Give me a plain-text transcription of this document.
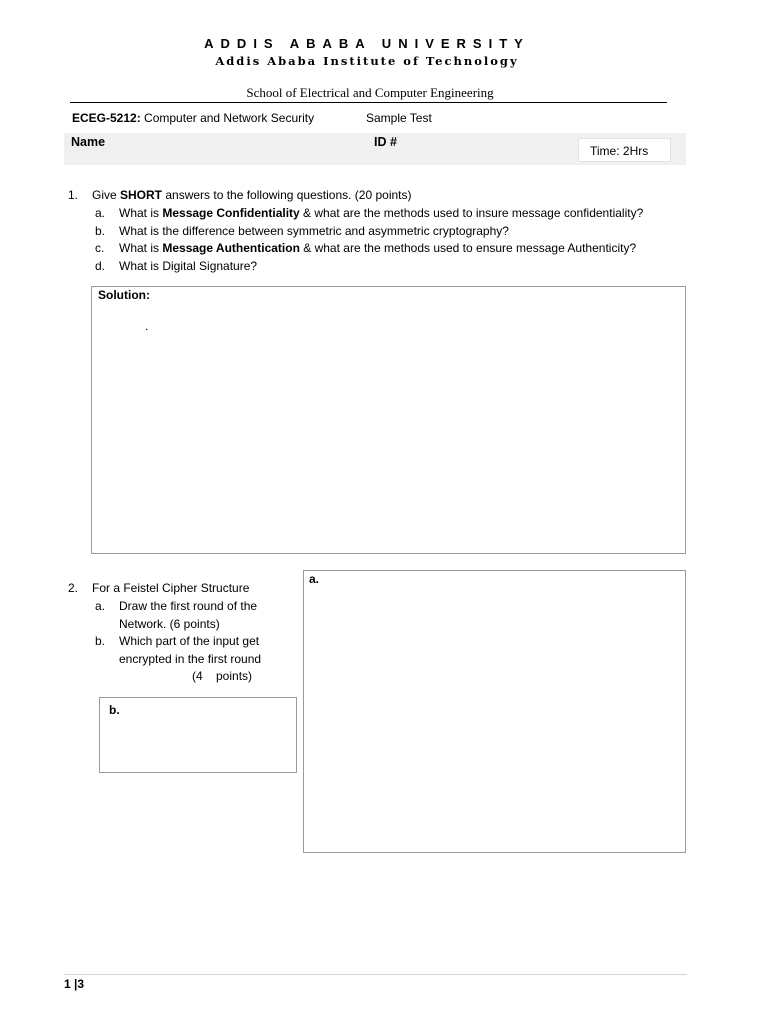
ADDIS ABABA UNIVERSITY
Addis Ababa Institute of Technology
School of Electrical and Computer Engineering
ECEG-5212: Computer and Network Security	Sample Test
Name	ID #
Time: 2Hrs
1. Give SHORT answers to the following questions. (20 points)
a. What is Message Confidentiality & what are the methods used to insure message confidentiality?
b. What is the difference between symmetric and asymmetric cryptography?
c. What is Message Authentication & what are the methods used to ensure message Authenticity?
d. What is Digital Signature?
Solution:
.
2. For a Feistel Cipher Structure
a. Draw the first round of the
Network. (6 points)
b. Which part of the input get
encrypted in the first round
(4    points)
a.
b.
1 |3
